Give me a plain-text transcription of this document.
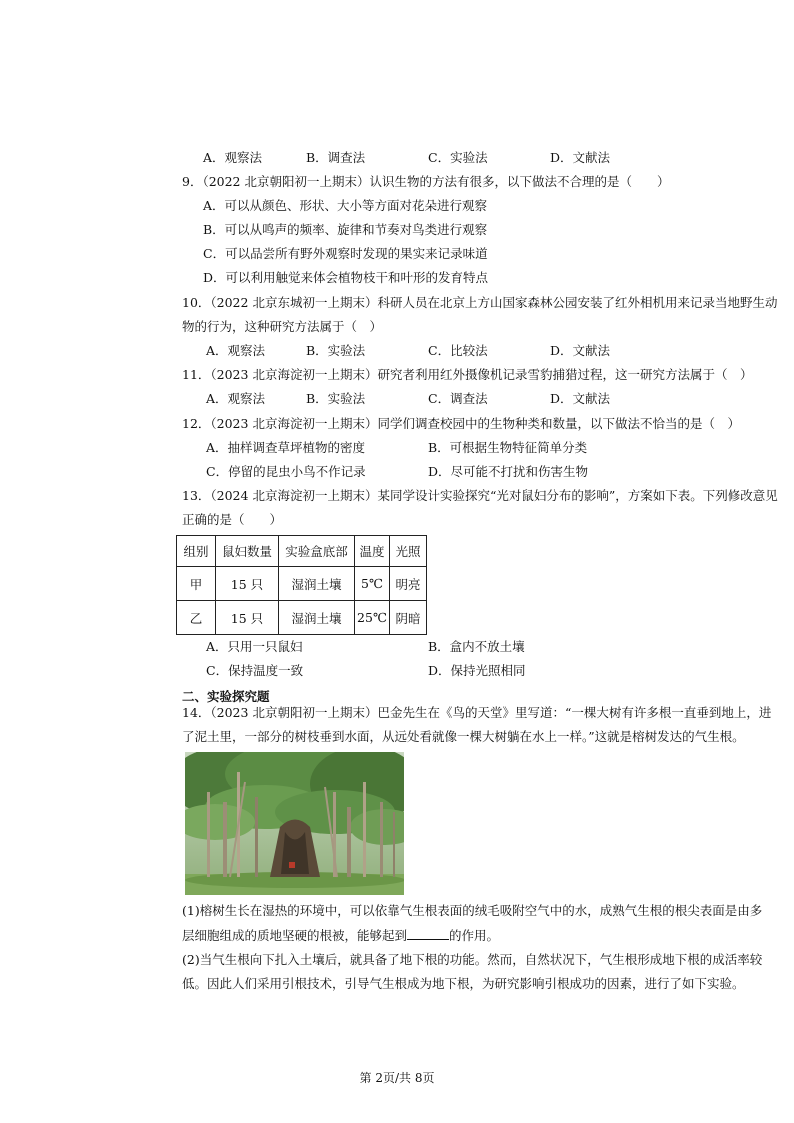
A．观察法	B．调查法	C．实验法	D．文献法
9．（2022 北京朝阳初一上期末）认识生物的方法有很多，以下做法不合理的是（　　）
A．可以从颜色、形状、大小等方面对花朵进行观察
B．可以从鸣声的频率、旋律和节奏对鸟类进行观察
C．可以品尝所有野外观察时发现的果实来记录味道
D．可以利用触觉来体会植物枝干和叶形的发育特点
10．（2022 北京东城初一上期末）科研人员在北京上方山国家森林公园安装了红外相机用来记录当地野生动
物的行为，这种研究方法属于（　）
A．观察法	B．实验法	C．比较法	D．文献法
11．（2023 北京海淀初一上期末）研究者利用红外摄像机记录雪豹捕猎过程，这一研究方法属于（　）
A．观察法	B．实验法	C．调查法	D．文献法
12．（2023 北京海淀初一上期末）同学们调查校园中的生物种类和数量，以下做法不恰当的是（　）
A．抽样调查草坪植物的密度	B．可根据生物特征简单分类
C．停留的昆虫小鸟不作记录	D．尽可能不打扰和伤害生物
13．（2024 北京海淀初一上期末）某同学设计实验探究“光对鼠妇分布的影响”，方案如下表。下列修改意见
正确的是（　　）
组别	鼠妇数量	实验盒底部	温度	光照
甲	15 只	湿润土壤	5℃	明亮
乙	15 只	湿润土壤	25℃	阴暗
A．只用一只鼠妇	B．盒内不放土壤
C．保持温度一致	D．保持光照相同
二、实验探究题
14．（2023 北京朝阳初一上期末）巴金先生在《鸟的天堂》里写道：“一棵大树有许多根一直垂到地上，进
了泥土里，一部分的树枝垂到水面，从远处看就像一棵大树躺在水上一样。”这就是榕树发达的气生根。
(1)榕树生长在湿热的环境中，可以依靠气生根表面的绒毛吸附空气中的水，成熟气生根的根尖表面是由多
层细胞组成的质地坚硬的根被，能够起到	的作用。
(2)当气生根向下扎入土壤后，就具备了地下根的功能。然而，自然状况下，气生根形成地下根的成活率较
低。因此人们采用引根技术，引导气生根成为地下根，为研究影响引根成功的因素，进行了如下实验。
第 2页/共 8页
